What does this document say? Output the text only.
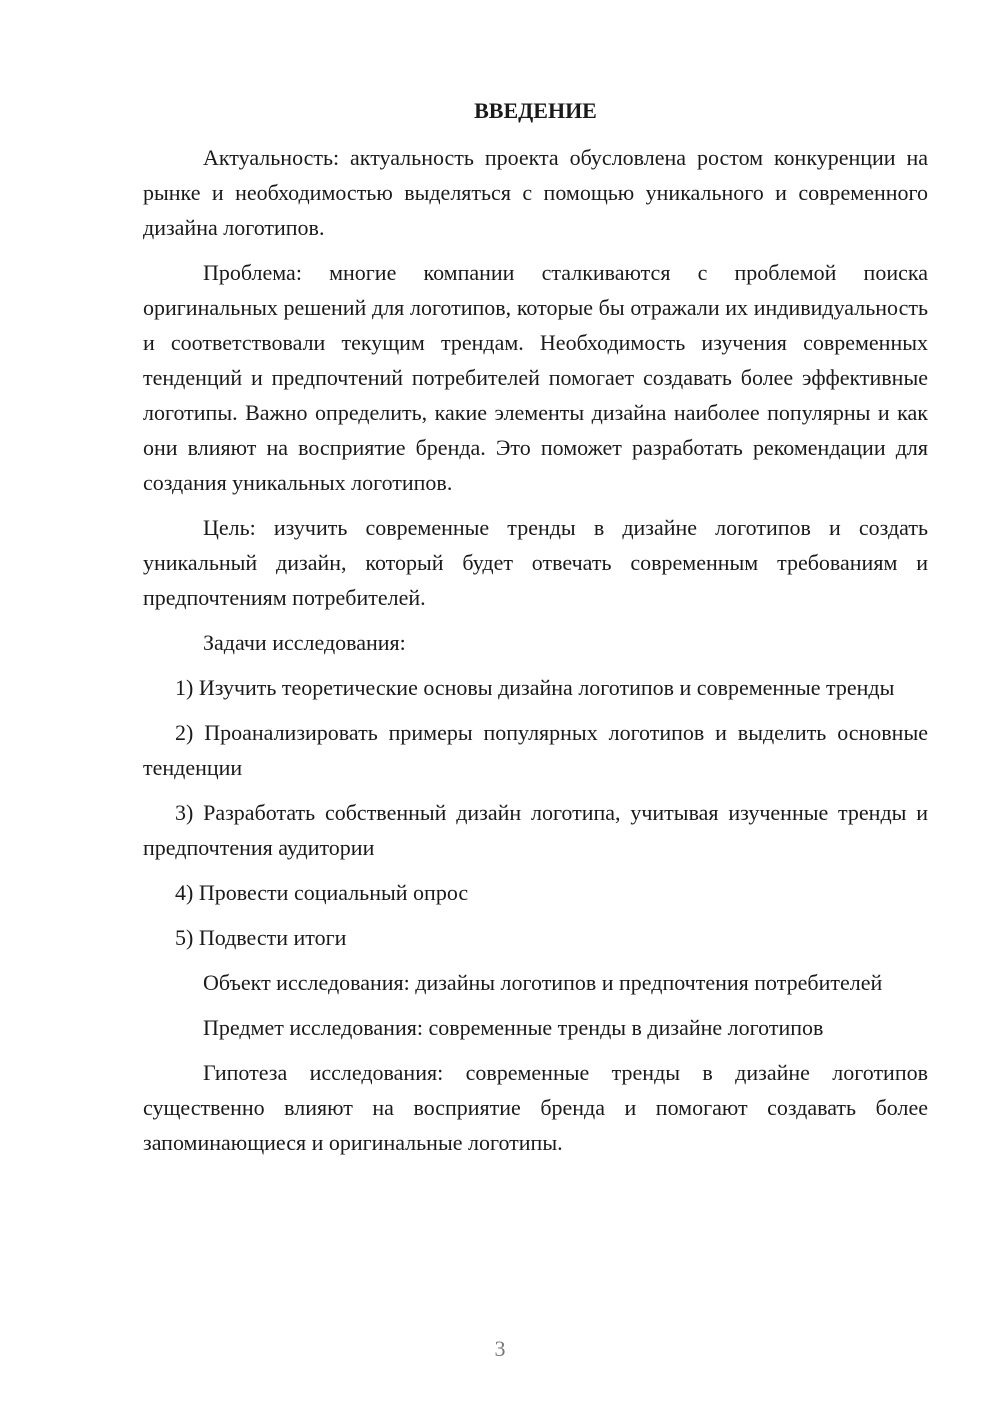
ВВЕДЕНИЕ

Актуальность: актуальность проекта обусловлена ростом конкуренции на рынке и необходимостью выделяться с помощью уникального и современного дизайна логотипов.

Проблема: многие компании сталкиваются с проблемой поиска оригинальных решений для логотипов, которые бы отражали их индивидуальность и соответствовали текущим трендам. Необходимость изучения современных тенденций и предпочтений потребителей помогает создавать более эффективные логотипы. Важно определить, какие элементы дизайна наиболее популярны и как они влияют на восприятие бренда. Это поможет разработать рекомендации для создания уникальных логотипов.

Цель: изучить современные тренды в дизайне логотипов и создать уникальный дизайн, который будет отвечать современным требованиям и предпочтениям потребителей.

Задачи исследования:

1) Изучить теоретические основы дизайна логотипов и современные тренды

2) Проанализировать примеры популярных логотипов и выделить основные тенденции

3) Разработать собственный дизайн логотипа, учитывая изученные тренды и предпочтения аудитории

4) Провести социальный опрос

5) Подвести итоги

Объект исследования: дизайны логотипов и предпочтения потребителей

Предмет исследования: современные тренды в дизайне логотипов

Гипотеза исследования: современные тренды в дизайне логотипов существенно влияют на восприятие бренда и помогают создавать более запоминающиеся и оригинальные логотипы.

3
